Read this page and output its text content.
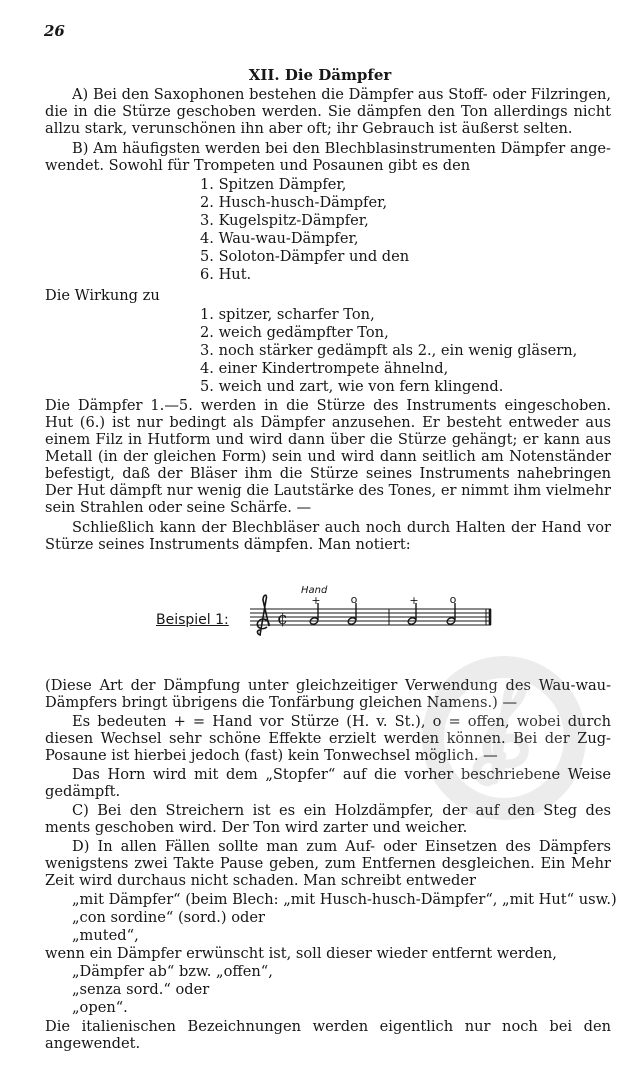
26
XII. Die Dämpfer
A) Bei den Saxophonen bestehen die Dämpfer aus Stoff- oder Filzringen,
die in die Stürze geschoben werden. Sie dämpfen den Ton allerdings nicht
allzu stark, verunschönen ihn aber oft; ihr Gebrauch ist äußerst selten.
B) Am häufigsten werden bei den Blechblasinstrumenten Dämpfer ange-
wendet. Sowohl für Trompeten und Posaunen gibt es den
1. Spitzen Dämpfer,
2. Husch-husch-Dämpfer,
3. Kugelspitz-Dämpfer,
4. Wau-wau-Dämpfer,
5. Soloton-Dämpfer und den
6. Hut.
Die Wirkung zu
1. spitzer, scharfer Ton,
2. weich gedämpfter Ton,
3. noch stärker gedämpft als 2., ein wenig gläsern,
4. einer Kindertrompete ähnelnd,
5. weich und zart, wie von fern klingend.
Die Dämpfer 1.—5. werden in die Stürze des Instruments eingeschoben.
Hut (6.) ist nur bedingt als Dämpfer anzusehen. Er besteht entweder aus
einem Filz in Hutform und wird dann über die Stürze gehängt; er kann aus
Metall (in der gleichen Form) sein und wird dann seitlich am Notenständer
befestigt, daß der Bläser ihm die Stürze seines Instruments nahebringen
Der Hut dämpft nur wenig die Lautstärke des Tones, er nimmt ihm vielmehr
sein Strahlen oder seine Schärfe. —
Schließlich kann der Blechbläser auch noch durch Halten der Hand vor
Stürze seines Instruments dämpfen. Man notiert:
Beispiel 1:
Hand
¢
+	o	+	o
(Diese Art der Dämpfung unter gleichzeitiger Verwendung des Wau-wau-
Dämpfers bringt übrigens die Tonfärbung gleichen Namens.) —
Es bedeuten + = Hand vor Stürze (H. v. St.), o = offen, wobei durch
diesen Wechsel sehr schöne Effekte erzielt werden können. Bei der Zug-
Posaune ist hierbei jedoch (fast) kein Tonwechsel möglich. —
Das Horn wird mit dem „Stopfer“ auf die vorher beschriebene Weise
gedämpft.
C) Bei den Streichern ist es ein Holzdämpfer, der Steg des
ments geschoben wird. Der Ton wird zarter und weicher.
D) In allen Fällen sollte man zum Auf- oder Einsetzen des Dämpfers
wenigstens zwei Takte Pause geben, zum Entfernen desgleichen. Ein Mehr
Zeit wird durchaus nicht schaden. Man schreibt entweder
„mit Dämpfer“ (beim Blech: „mit Husch-husch-Dämpfer“, „mit Hut“ usw.)
„con sordine“ (sord.) oder
„muted“,
wenn ein Dämpfer erwünscht ist, soll dieser wieder entfernt werden,
„Dämpfer ab“ bzw. „offen“,
„senza sord.“ oder
„open“.
Die italienischen Bezeichnungen werden eigentlich nur noch bei den
angewendet.
